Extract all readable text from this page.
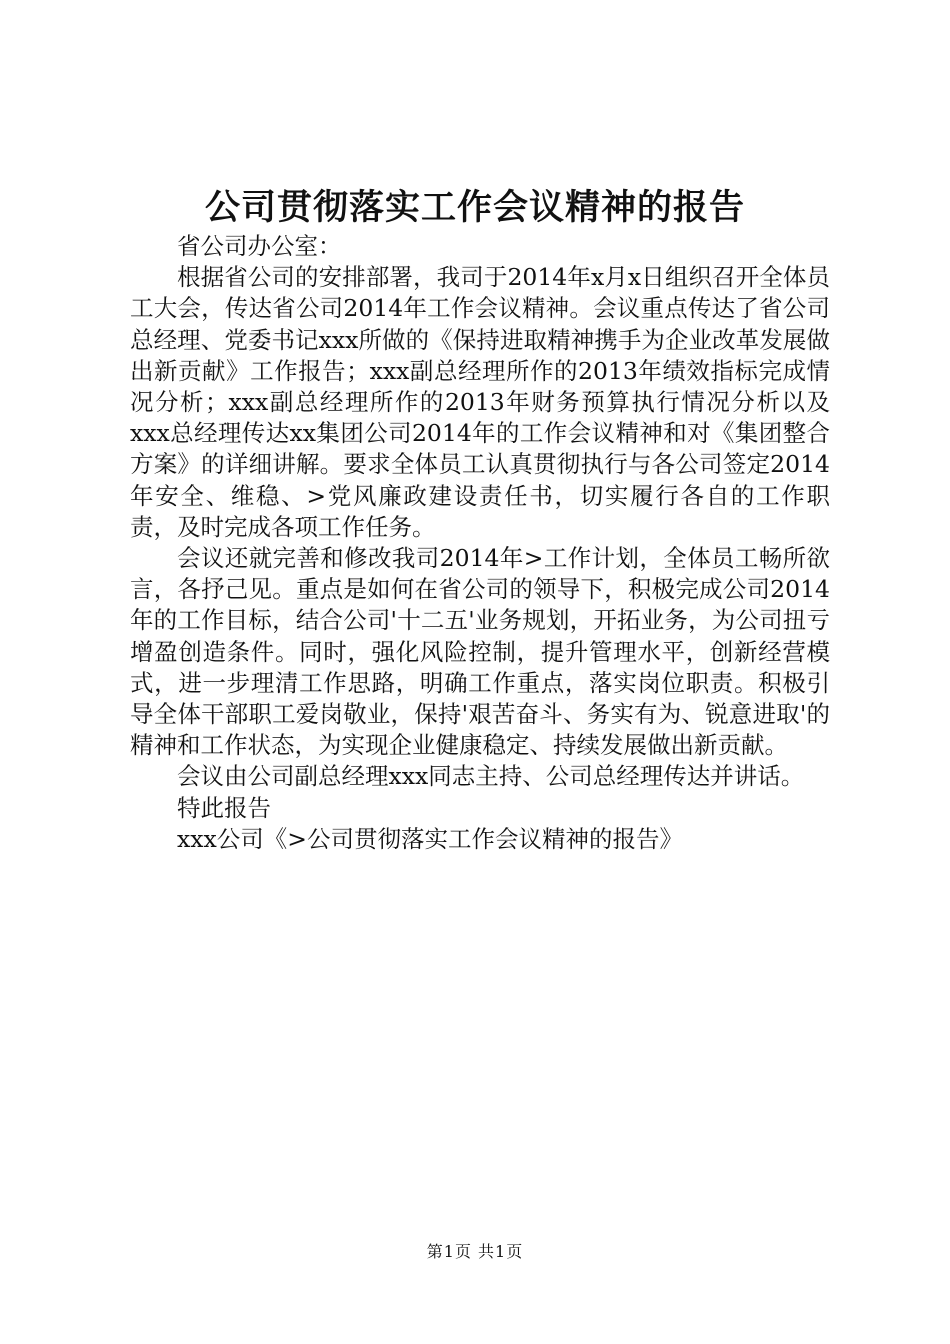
公司贯彻落实工作会议精神的报告

省公司办公室：

根据省公司的安排部署，我司于2014年x月x日组织召开全体员工大会，传达省公司2014年工作会议精神。会议重点传达了省公司总经理、党委书记xxx所做的《保持进取精神携手为企业改革发展做出新贡献》工作报告；xxx副总经理所作的2013年绩效指标完成情况分析；xxx副总经理所作的2013年财务预算执行情况分析以及xxx总经理传达xx集团公司2014年的工作会议精神和对《集团整合方案》的详细讲解。要求全体员工认真贯彻执行与各公司签定2014年安全、维稳、>党风廉政建设责任书，切实履行各自的工作职责，及时完成各项工作任务。

会议还就完善和修改我司2014年>工作计划，全体员工畅所欲言，各抒己见。重点是如何在省公司的领导下，积极完成公司2014年的工作目标，结合公司'十二五'业务规划，开拓业务，为公司扭亏增盈创造条件。同时，强化风险控制，提升管理水平，创新经营模式，进一步理清工作思路，明确工作重点，落实岗位职责。积极引导全体干部职工爱岗敬业，保持'艰苦奋斗、务实有为、锐意进取'的精神和工作状态，为实现企业健康稳定、持续发展做出新贡献。

会议由公司副总经理xxx同志主持、公司总经理传达并讲话。

特此报告

xxx公司《>公司贯彻落实工作会议精神的报告》

第1页 共1页
